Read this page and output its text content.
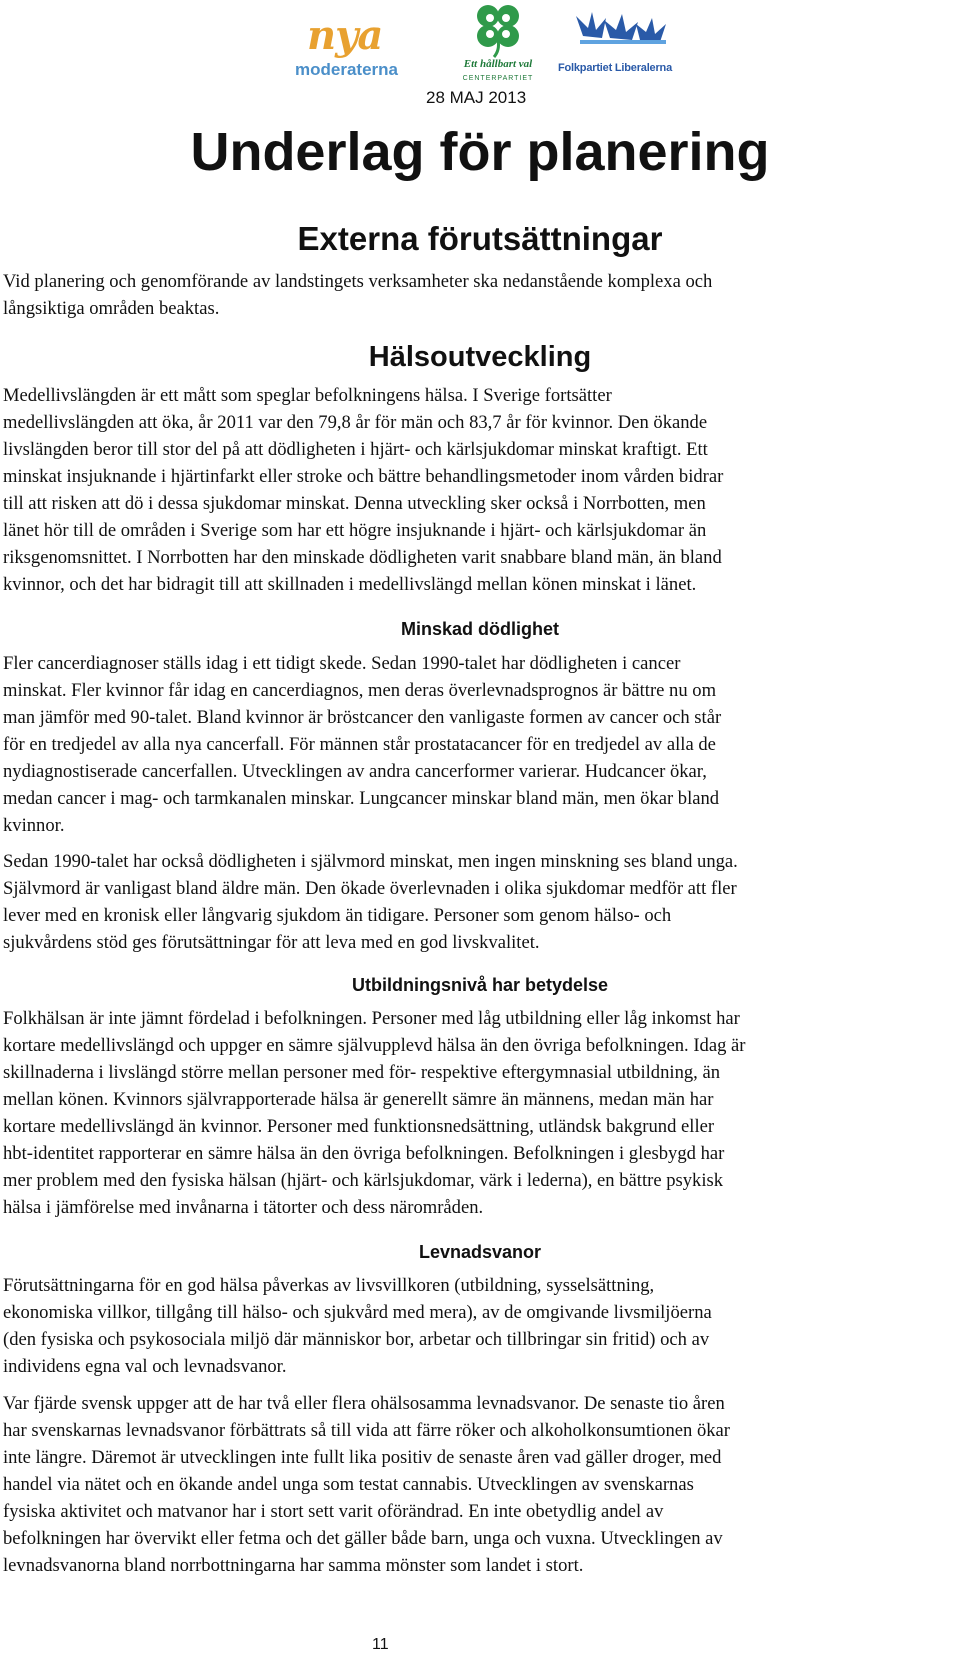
nya
moderaterna	Ett hållbart val
CENTERPARTIET
Folkpartiet Liberalerna
28 MAJ 2013
Underlag för planering
Externa förutsättningar

Vid planering och genomförande av landstingets verksamheter ska nedanstående komplexa och
långsiktiga områden beaktas.

Hälsoutveckling

Medellivslängden är ett mått som speglar befolkningens hälsa. I Sverige fortsätter
medellivslängden att öka, år 2011 var den 79,8 år för män och 83,7 år för kvinnor. Den ökande
livslängden beror till stor del på att dödligheten i hjärt- och kärlsjukdomar minskat kraftigt. Ett
minskat insjuknande i hjärtinfarkt eller stroke och bättre behandlingsmetoder inom vården bidrar
till att risken att dö i dessa sjukdomar minskat. Denna utveckling sker också i Norrbotten, men
länet hör till de områden i Sverige som har ett högre insjuknande i hjärt- och kärlsjukdomar än
riksgenomsnittet. I Norrbotten har den minskade dödligheten varit snabbare bland män, än bland
kvinnor, och det har bidragit till att skillnaden i medellivslängd mellan könen minskat i länet.

Minskad dödlighet

Fler cancerdiagnoser ställs idag i ett tidigt skede. Sedan 1990-talet har dödligheten i cancer
minskat. Fler kvinnor får idag en cancerdiagnos, men deras överlevnadsprognos är bättre nu om
man jämför med 90-talet. Bland kvinnor är bröstcancer den vanligaste formen av cancer och står
för en tredjedel av alla nya cancerfall. För männen står prostatacancer för en tredjedel av alla de
nydiagnostiserade cancerfallen. Utvecklingen av andra cancerformer varierar. Hudcancer ökar,
medan cancer i mag- och tarmkanalen minskar. Lungcancer minskar bland män, men ökar bland
kvinnor.

Sedan 1990-talet har också dödligheten i självmord minskat, men ingen minskning ses bland unga.
Självmord är vanligast bland äldre män. Den ökade överlevnaden i olika sjukdomar medför att fler
lever med en kronisk eller långvarig sjukdom än tidigare. Personer som genom hälso- och
sjukvårdens stöd ges förutsättningar för att leva med en god livskvalitet.

Utbildningsnivå har betydelse

Folkhälsan är inte jämnt fördelad i befolkningen. Personer med låg utbildning eller låg inkomst har
kortare medellivslängd och uppger en sämre självupplevd hälsa än den övriga befolkningen. Idag är
skillnaderna i livslängd större mellan personer med för- respektive eftergymnasial utbildning, än
mellan könen. Kvinnors självrapporterade hälsa är generellt sämre än männens, medan män har
kortare medellivslängd än kvinnor. Personer med funktionsnedsättning, utländsk bakgrund eller
hbt-identitet rapporterar en sämre hälsa än den övriga befolkningen. Befolkningen i glesbygd har
mer problem med den fysiska hälsan (hjärt- och kärlsjukdomar, värk i lederna), en bättre psykisk
hälsa i jämförelse med invånarna i tätorter och dess närområden.

Levnadsvanor

Förutsättningarna för en god hälsa påverkas av livsvillkoren (utbildning, sysselsättning,
ekonomiska villkor, tillgång till hälso- och sjukvård med mera), av de omgivande livsmiljöerna
(den fysiska och psykosociala miljö där människor bor, arbetar och tillbringar sin fritid) och av
individens egna val och levnadsvanor.

Var fjärde svensk uppger att de har två eller flera ohälsosamma levnadsvanor. De senaste tio åren
har svenskarnas levnadsvanor förbättrats så till vida att färre röker och alkoholkonsumtionen ökar
inte längre. Däremot är utvecklingen inte fullt lika positiv de senaste åren vad gäller droger, med
handel via nätet och en ökande andel unga som testat cannabis. Utvecklingen av svenskarnas
fysiska aktivitet och matvanor har i stort sett varit oförändrad. En inte obetydlig andel av
befolkningen har övervikt eller fetma och det gäller både barn, unga och vuxna. Utvecklingen av
levnadsvanorna bland norrbottningarna har samma mönster som landet i stort.

11
